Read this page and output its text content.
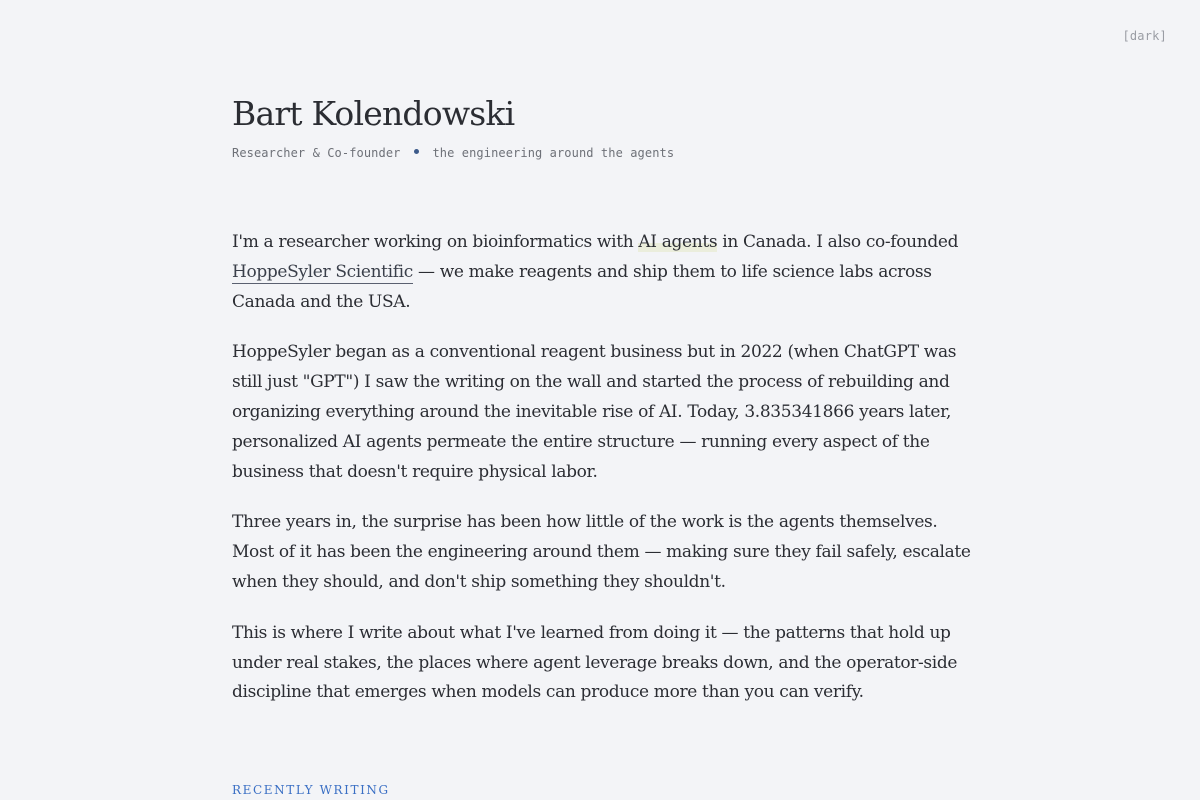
[dark]
Bart Kolendowski
Researcher & Co-founder	the engineering around the agents

I'm a researcher working on bioinformatics with AI agents in Canada. I also co-founded HoppeSyler Scientific — we make reagents and ship them to life science labs across Canada and the USA.

HoppeSyler began as a conventional reagent business but in 2022 (when ChatGPT was still just "GPT") I saw the writing on the wall and started the process of rebuilding and organizing everything around the inevitable rise of AI. Today, 3.835341866 years later, personalized AI agents permeate the entire structure — running every aspect of the business that doesn't require physical labor.

Three years in, the surprise has been how little of the work is the agents themselves. Most of it has been the engineering around them — making sure they fail safely, escalate when they should, and don't ship something they shouldn't.

This is where I write about what I've learned from doing it — the patterns that hold up under real stakes, the places where agent leverage breaks down, and the operator-side discipline that emerges when models can produce more than you can verify.

RECENTLY WRITING
